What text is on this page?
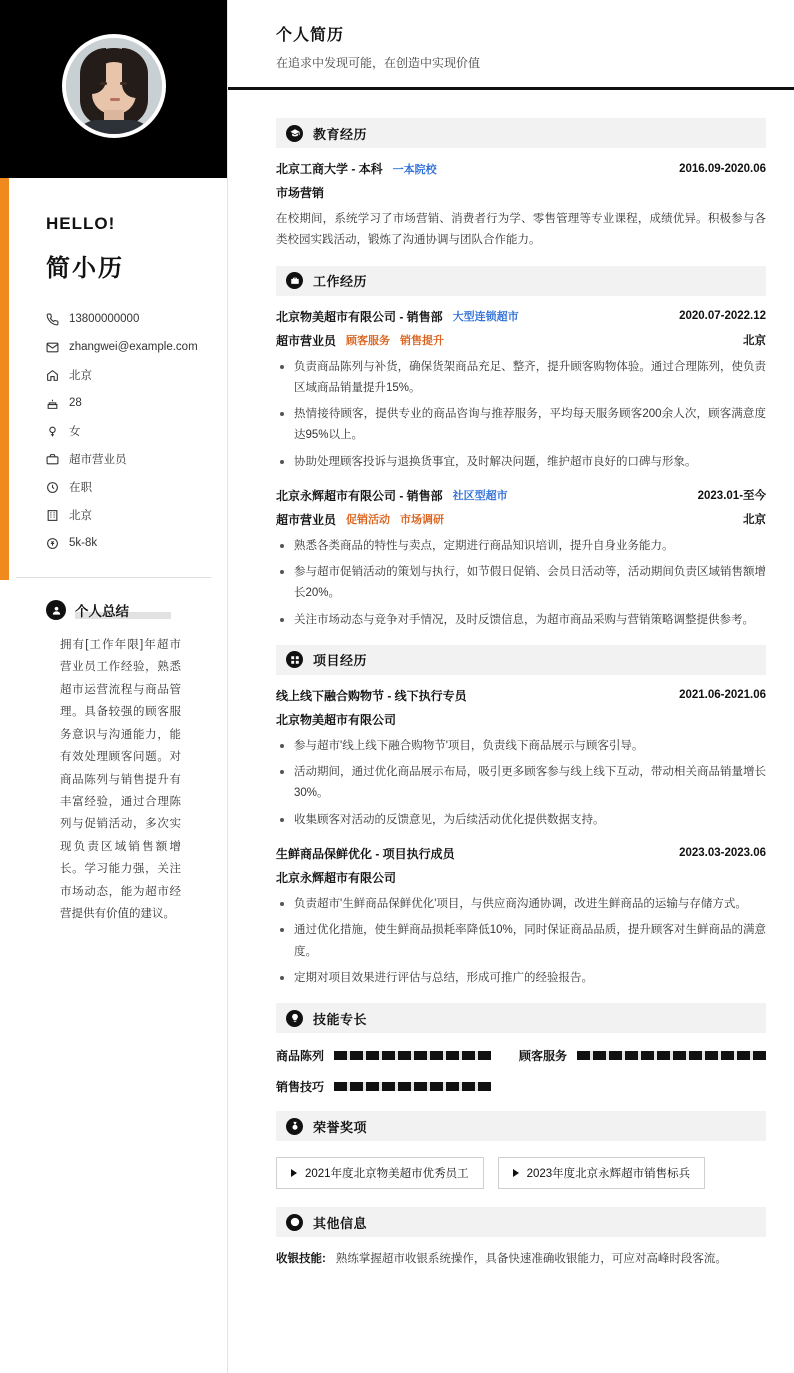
HELLO!
简小历
13800000000
zhangwei@example.com
北京
28
女
超市营业员
在职
北京
5k-8k
个人总结
拥有[工作年限]年超市营业员工作经验，熟悉超市运营流程与商品管理。具备较强的顾客服务意识与沟通能力，能有效处理顾客问题。对商品陈列与销售提升有丰富经验，通过合理陈列与促销活动，多次实现负责区域销售额增长。学习能力强，关注市场动态，能为超市经营提供有价值的建议。
个人简历
在追求中发现可能，在创造中实现价值
教育经历
北京工商大学 - 本科 一本院校	2016.09-2020.06
市场营销
在校期间，系统学习了市场营销、消费者行为学、零售管理等专业课程，成绩优异。积极参与各类校园实践活动，锻炼了沟通协调与团队合作能力。
工作经历
北京物美超市有限公司 - 销售部 大型连锁超市	2020.07-2022.12
超市营业员 顾客服务 销售提升	北京
负责商品陈列与补货，确保货架商品充足、整齐，提升顾客购物体验。通过合理陈列，使负责区域商品销量提升15%。
热情接待顾客，提供专业的商品咨询与推荐服务，平均每天服务顾客200余人次，顾客满意度达95%以上。
协助处理顾客投诉与退换货事宜，及时解决问题，维护超市良好的口碑与形象。
北京永辉超市有限公司 - 销售部 社区型超市	2023.01-至今
超市营业员 促销活动 市场调研	北京
熟悉各类商品的特性与卖点，定期进行商品知识培训，提升自身业务能力。
参与超市促销活动的策划与执行，如节假日促销、会员日活动等，活动期间负责区域销售额增长20%。
关注市场动态与竞争对手情况，及时反馈信息，为超市商品采购与营销策略调整提供参考。
项目经历
线上线下融合购物节 - 线下执行专员	2021.06-2021.06
北京物美超市有限公司
参与超市'线上线下融合购物节'项目，负责线下商品展示与顾客引导。
活动期间，通过优化商品展示布局，吸引更多顾客参与线上线下互动，带动相关商品销量增长30%。
收集顾客对活动的反馈意见，为后续活动优化提供数据支持。
生鲜商品保鲜优化 - 项目执行成员	2023.03-2023.06
北京永辉超市有限公司
负责超市'生鲜商品保鲜优化'项目，与供应商沟通协调，改进生鲜商品的运输与存储方式。
通过优化措施，使生鲜商品损耗率降低10%，同时保证商品品质，提升顾客对生鲜商品的满意度。
定期对项目效果进行评估与总结，形成可推广的经验报告。
技能专长
商品陈列	顾客服务
销售技巧
荣誉奖项
2021年度北京物美超市优秀员工	2023年度北京永辉超市销售标兵
其他信息
收银技能: 熟练掌握超市收银系统操作，具备快速准确收银能力，可应对高峰时段客流。
